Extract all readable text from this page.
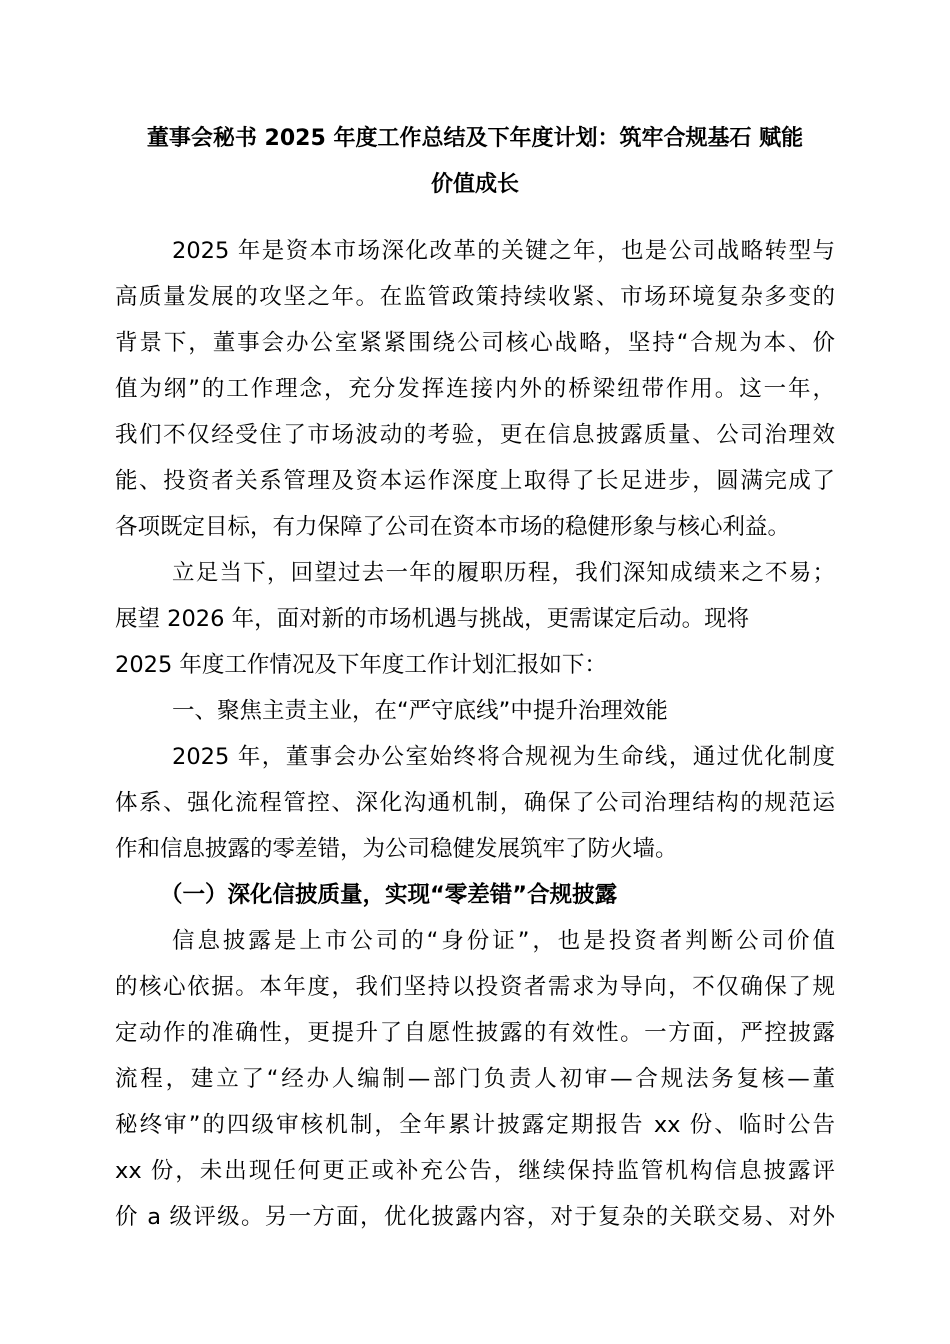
董事会秘书 2025 年度工作总结及下年度计划：筑牢合规基石 赋能
价值成长
2025 年是资本市场深化改革的关键之年，也是公司战略转型与
高质量发展的攻坚之年。在监管政策持续收紧、市场环境复杂多变的
背景下，董事会办公室紧紧围绕公司核心战略，坚持“合规为本、价
值为纲”的工作理念，充分发挥连接内外的桥梁纽带作用。这一年，
我们不仅经受住了市场波动的考验，更在信息披露质量、公司治理效
能、投资者关系管理及资本运作深度上取得了长足进步，圆满完成了
各项既定目标，有力保障了公司在资本市场的稳健形象与核心利益。
立足当下，回望过去一年的履职历程，我们深知成绩来之不易；
展望 2026 年，面对新的市场机遇与挑战，更需谋定后动。现将
2025 年度工作情况及下年度工作计划汇报如下：
一、聚焦主责主业，在“严守底线”中提升治理效能
2025 年，董事会办公室始终将合规视为生命线，通过优化制度
体系、强化流程管控、深化沟通机制，确保了公司治理结构的规范运
作和信息披露的零差错，为公司稳健发展筑牢了防火墙。
（一）深化信披质量，实现“零差错”合规披露
信息披露是上市公司的“身份证”，也是投资者判断公司价值
的核心依据。本年度，我们坚持以投资者需求为导向，不仅确保了规
定动作的准确性，更提升了自愿性披露的有效性。一方面，严控披露
流程，建立了“经办人编制—部门负责人初审—合规法务复核—董
秘终审”的四级审核机制，全年累计披露定期报告 xx 份、临时公告
xx 份，未出现任何更正或补充公告，继续保持监管机构信息披露评
价 a 级评级。另一方面，优化披露内容，对于复杂的关联交易、对外
